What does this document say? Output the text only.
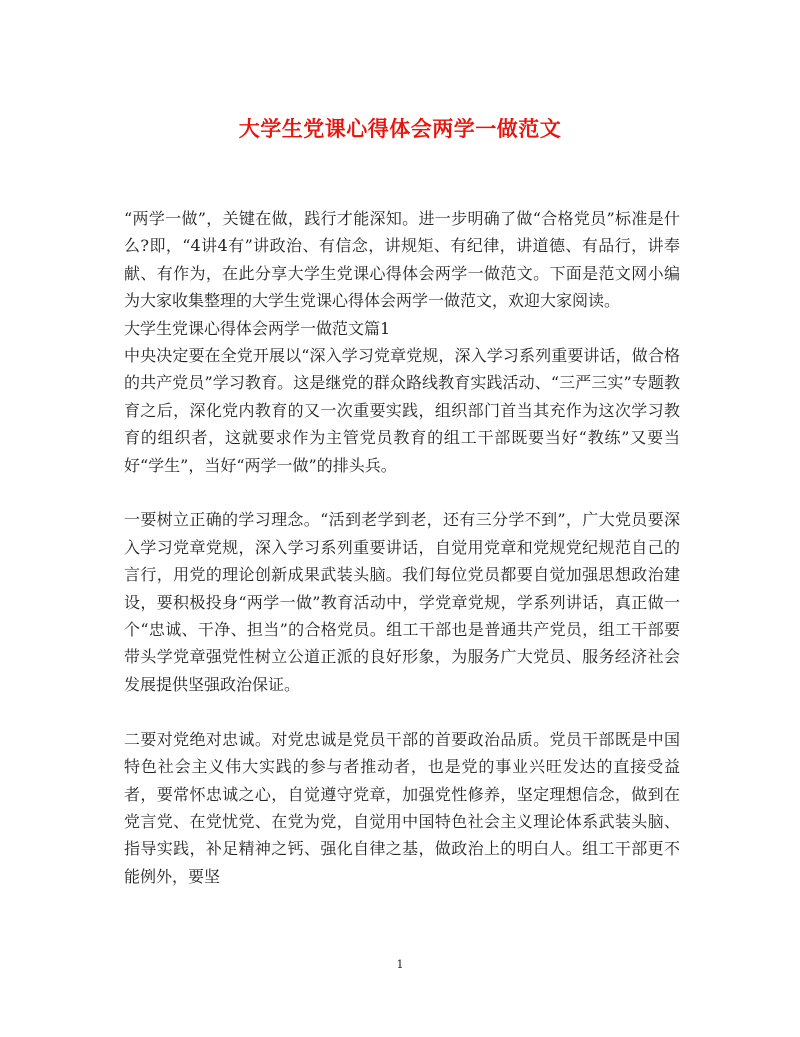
大学生党课心得体会两学一做范文

“两学一做”，关键在做，践行才能深知。进一步明确了做“合格党员”标准是什么?即，“4讲4有”讲政治、有信念，讲规矩、有纪律，讲道德、有品行，讲奉献、有作为，在此分享大学生党课心得体会两学一做范文。下面是范文网小编为大家收集整理的大学生党课心得体会两学一做范文，欢迎大家阅读。

大学生党课心得体会两学一做范文篇1

中央决定要在全党开展以“深入学习党章党规，深入学习系列重要讲话，做合格的共产党员”学习教育。这是继党的群众路线教育实践活动、“三严三实”专题教育之后，深化党内教育的又一次重要实践，组织部门首当其充作为这次学习教育的组织者，这就要求作为主管党员教育的组工干部既要当好“教练”又要当好“学生”，当好“两学一做”的排头兵。

一要树立正确的学习理念。“活到老学到老，还有三分学不到”，广大党员要深入学习党章党规，深入学习系列重要讲话，自觉用党章和党规党纪规范自己的言行，用党的理论创新成果武装头脑。我们每位党员都要自觉加强思想政治建设，要积极投身“两学一做”教育活动中，学党章党规，学系列讲话，真正做一个“忠诚、干净、担当”的合格党员。组工干部也是普通共产党员，组工干部要带头学党章强党性树立公道正派的良好形象，为服务广大党员、服务经济社会发展提供坚强政治保证。

二要对党绝对忠诚。对党忠诚是党员干部的首要政治品质。党员干部既是中国特色社会主义伟大实践的参与者推动者，也是党的事业兴旺发达的直接受益者，要常怀忠诚之心，自觉遵守党章，加强党性修养，坚定理想信念，做到在党言党、在党忧党、在党为党，自觉用中国特色社会主义理论体系武装头脑、指导实践，补足精神之钙、强化自律之基，做政治上的明白人。组工干部更不能例外，要坚

1
